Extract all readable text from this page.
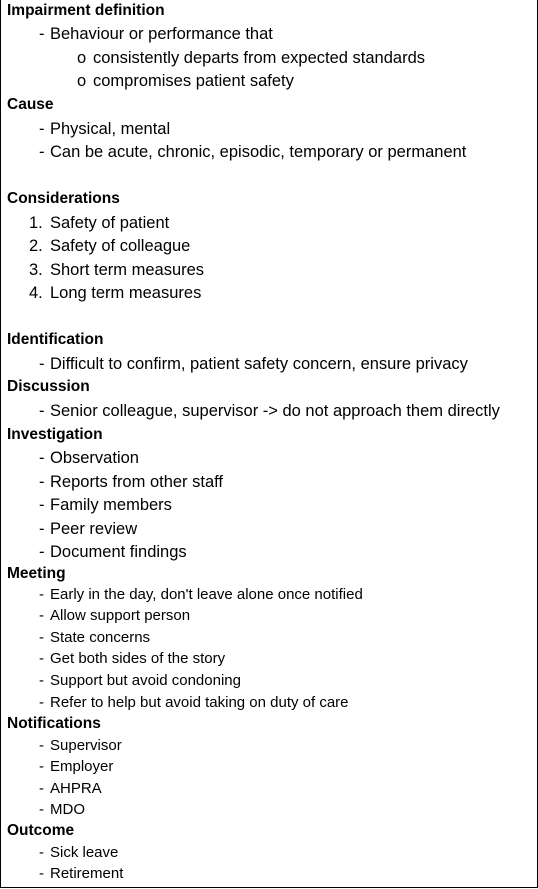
Impairment definition
- Behaviour or performance that
o consistently departs from expected standards
o compromises patient safety
Cause
- Physical, mental
- Can be acute, chronic, episodic, temporary or permanent
Considerations
1. Safety of patient
2. Safety of colleague
3. Short term measures
4. Long term measures
Identification
- Difficult to confirm, patient safety concern, ensure privacy
Discussion
- Senior colleague, supervisor -> do not approach them directly
Investigation
- Observation
- Reports from other staff
- Family members
- Peer review
- Document findings
Meeting
- Early in the day, don't leave alone once notified
- Allow support person
- State concerns
- Get both sides of the story
- Support but avoid condoning
- Refer to help but avoid taking on duty of care
Notifications
- Supervisor
- Employer
- AHPRA
- MDO
Outcome
- Sick leave
- Retirement
